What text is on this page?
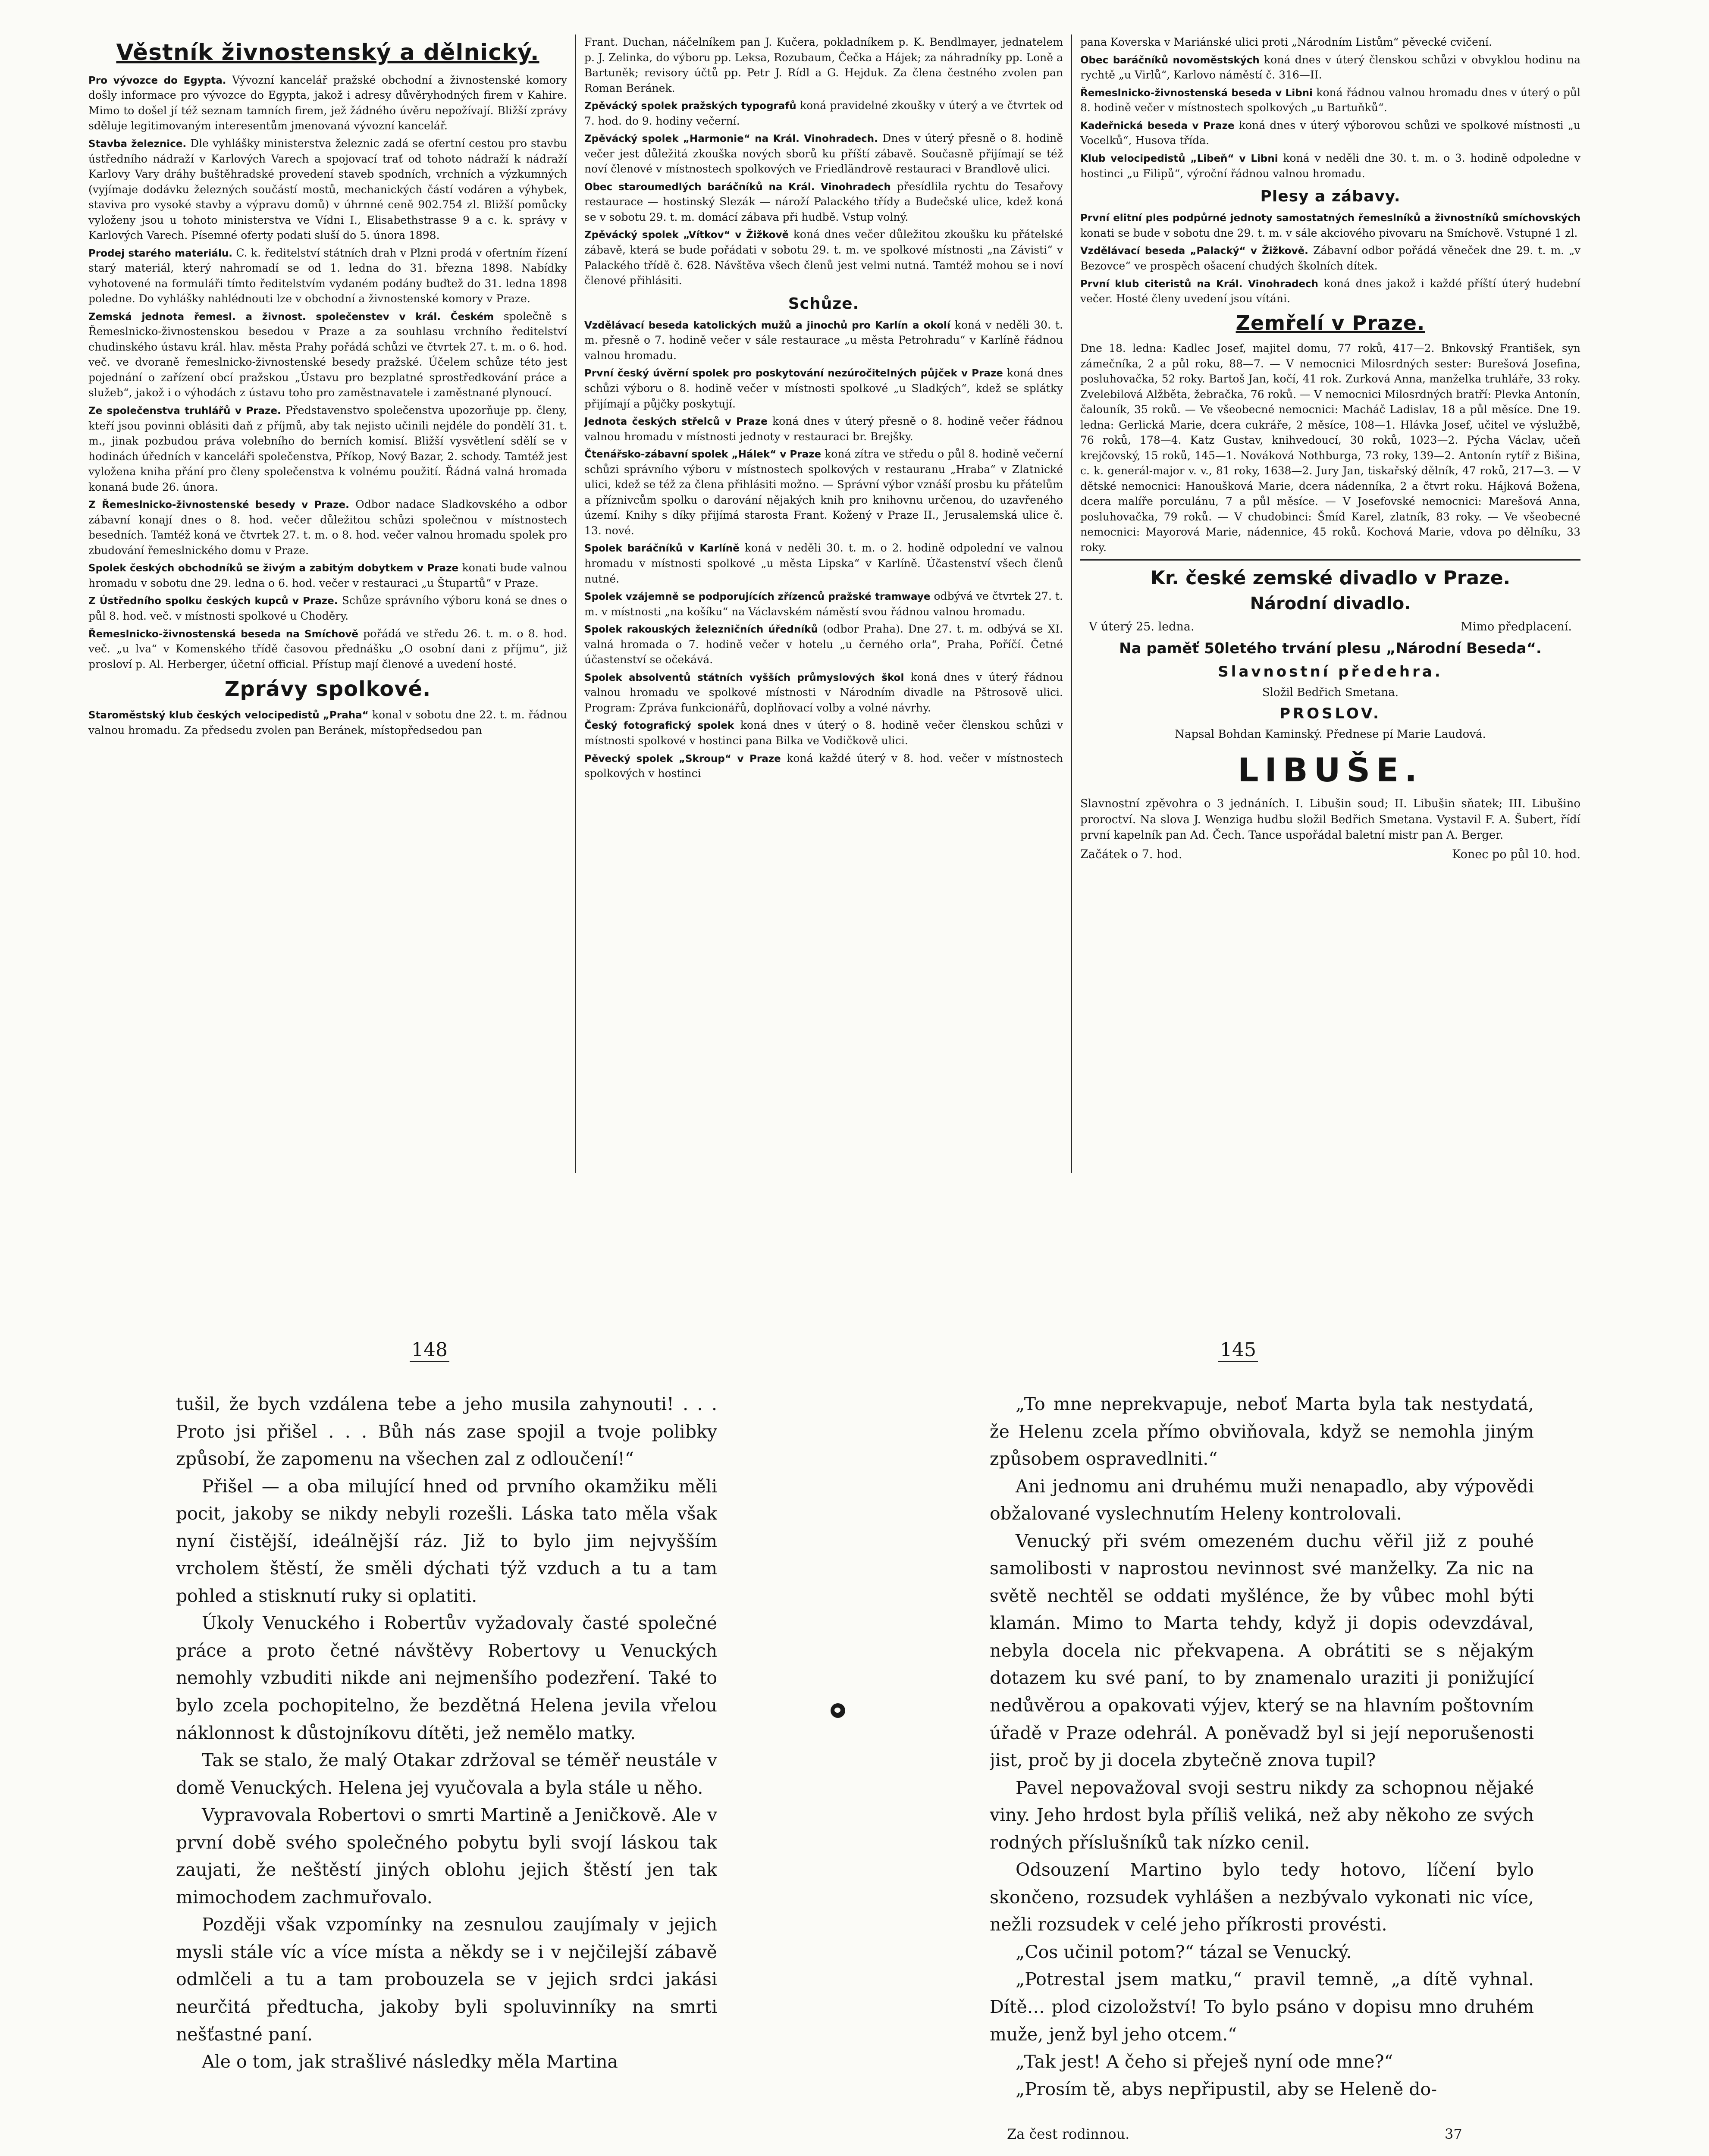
Věstník živnostenský a dělnický.

Pro vývozce do Egypta. Vývozní kancelář pražské obchodní a živnostenské komory došly informace pro vývozce do Egypta, jakož i adresy důvěryhodných firem v Kahire. Mimo to došel jí též seznam tamních firem, jež žádného úvěru nepožívají. Bližší zprávy sděluje legitimovaným interesentům jmenovaná vývozní kancelář.

Stavba železnice. Dle vyhlášky ministerstva železnic zadá se ofertní cestou pro stavbu ústředního nádraží v Karlových Varech a spojovací trať od tohoto nádraží k nádraží Karlovy Vary dráhy buštěhradské provedení staveb spodních, vrchních a výzkumných (vyjímaje dodávku železných součástí mostů, mechanických částí vodáren a výhybek, staviva pro vysoké stavby a výpravu domů) v úhrnné ceně 902.754 zl. Bližší pomůcky vyloženy jsou u tohoto ministerstva ve Vídni I., Elisabethstrasse 9 a c. k. správy v Karlových Varech. Písemné oferty podati sluší do 5. února 1898.

Prodej starého materiálu. C. k. ředitelství státních drah v Plzni prodá v ofertním řízení starý materiál, který nahromadí se od 1. ledna do 31. března 1898. Nabídky vyhotovené na formuláři tímto ředitelstvím vydaném podány buďtež do 31. ledna 1898 poledne. Do vyhlášky nahlédnouti lze v obchodní a živnostenské komory v Praze.

Zemská jednota řemesl. a živnost. společenstev v král. Českém společně s Řemeslnicko-živnostenskou besedou v Praze a za souhlasu vrchního ředitelství chudinského ústavu král. hlav. města Prahy pořádá schůzi ve čtvrtek 27. t. m. o 6. hod. več. ve dvoraně řemeslnicko-živnostenské besedy pražské. Účelem schůze této jest pojednání o zařízení obcí pražskou „Ústavu pro bezplatné sprostředkování práce a služeb“, jakož i o výhodách z ústavu toho pro zaměstnavatele i zaměstnané plynoucí.

Ze společenstva truhlářů v Praze. Představenstvo společenstva upozorňuje pp. členy, kteří jsou povinni oblásiti daň z příjmů, aby tak nejisto učinili nejdéle do pondělí 31. t. m., jinak pozbudou práva volebního do berních komisí. Bližší vysvětlení sdělí se v hodinách úředních v kanceláři společenstva, Příkop, Nový Bazar, 2. schody. Tamtéž jest vyložena kniha přání pro členy společenstva k volnému použití. Řádná valná hromada konaná bude 26. února.

Z Řemeslnicko-živnostenské besedy v Praze. Odbor nadace Sladkovského a odbor zábavní konají dnes o 8. hod. večer důležitou schůzi společnou v místnostech besedních. Tamtéž koná ve čtvrtek 27. t. m. o 8. hod. večer valnou hromadu spolek pro zbudování řemeslnického domu v Praze.

Spolek českých obchodníků se živým a zabitým dobytkem v Praze konati bude valnou hromadu v sobotu dne 29. ledna o 6. hod. večer v restauraci „u Štupartů“ v Praze.

Z Ústředního spolku českých kupců v Praze. Schůze správního výboru koná se dnes o půl 8. hod. več. v místnosti spolkové u Choděry.

Řemeslnicko-živnostenská beseda na Smíchově pořádá ve středu 26. t. m. o 8. hod. več. „u lva“ v Komenského třídě časovou přednášku „O osobní dani z příjmu“, již prosloví p. Al. Herberger, účetní official. Přístup mají členové a uvedení hosté.

Zprávy spolkové.

Staroměstský klub českých velocipedistů „Praha“ konal v sobotu dne 22. t. m. řádnou valnou hromadu. Za předsedu zvolen pan Beránek, místopředsedou pan

Frant. Duchan, náčelníkem pan J. Kučera, pokladníkem p. K. Bendlmayer, jednatelem p. J. Zelinka, do výboru pp. Leksa, Rozubaum, Čečka a Hájek; za náhradníky pp. Loně a Bartuněk; revisory účtů pp. Petr J. Rídl a G. Hejduk. Za člena čestného zvolen pan Roman Beránek.

Zpěvácký spolek pražských typografů koná pravidelné zkoušky v úterý a ve čtvrtek od 7. hod. do 9. hodiny večerní.

Zpěvácký spolek „Harmonie“ na Král. Vinohradech. Dnes v úterý přesně o 8. hodině večer jest důležitá zkouška nových sborů ku příští zábavě. Současně přijímají se též noví členové v místnostech spolkových ve Friedländrově restauraci v Brandlově ulici.

Obec staroumedlých baráčníků na Král. Vinohradech přesídlila rychtu do Tesařovy restaurace — hostinský Slezák — nároží Palackého třídy a Budečské ulice, kdež koná se v sobotu 29. t. m. domácí zábava při hudbě. Vstup volný.

Zpěvácký spolek „Vítkov“ v Žižkově koná dnes večer důležitou zkoušku ku přátelské zábavě, která se bude pořádati v sobotu 29. t. m. ve spolkové místnosti „na Závisti“ v Palackého třídě č. 628. Návštěva všech členů jest velmi nutná. Tamtéž mohou se i noví členové přihlásiti.

Schůze.

Vzdělávací beseda katolických mužů a jinochů pro Karlín a okolí koná v neděli 30. t. m. přesně o 7. hodině večer v sále restaurace „u města Petrohradu“ v Karlíně řádnou valnou hromadu.

První český úvěrní spolek pro poskytování nezúročitelných půjček v Praze koná dnes schůzi výboru o 8. hodině večer v místnosti spolkové „u Sladkých“, kdež se splátky přijímají a půjčky poskytují.

Jednota českých střelců v Praze koná dnes v úterý přesně o 8. hodině večer řádnou valnou hromadu v místnosti jednoty v restauraci br. Brejšky.

Čtenářsko-zábavní spolek „Hálek“ v Praze koná zítra ve středu o půl 8. hodině večerní schůzi správního výboru v místnostech spolkových v restauranu „Hraba“ v Zlatnické ulici, kdež se též za člena přihlásiti možno. — Správní výbor vznáší prosbu ku přátelům a příznivcům spolku o darování nějakých knih pro knihovnu určenou, do uzavřeného území. Knihy s díky přijímá starosta Frant. Kožený v Praze II., Jerusalemská ulice č. 13. nové.

Spolek baráčníků v Karlíně koná v neděli 30. t. m. o 2. hodině odpolední ve valnou hromadu v místnosti spolkové „u města Lipska“ v Karlíně. Účastenství všech členů nutné.

Spolek vzájemně se podporujících zřízenců pražské tramwaye odbývá ve čtvrtek 27. t. m. v místnosti „na košíku“ na Václavském náměstí svou řádnou valnou hromadu.

Spolek rakouských železničních úředníků (odbor Praha). Dne 27. t. m. odbývá se XI. valná hromada o 7. hodině večer v hotelu „u černého orla“, Praha, Poříčí. Četné účastenství se očekává.

Spolek absolventů státních vyšších průmyslových škol koná dnes v úterý řádnou valnou hromadu ve spolkové místnosti v Národním divadle na Pštrosově ulici. Program: Zpráva funkcionářů, doplňovací volby a volné návrhy.

Český fotografický spolek koná dnes v úterý o 8. hodině večer členskou schůzi v místnosti spolkové v hostinci pana Bilka ve Vodičkově ulici.

Pěvecký spolek „Skroup“ v Praze koná každé úterý v 8. hod. večer v místnostech spolkových v hostinci

pana Koverska v Mariánské ulici proti „Národním Listům“ pěvecké cvičení.

Obec baráčníků novoměstských koná dnes v úterý členskou schůzi v obvyklou hodinu na rychtě „u Virlů“, Karlovo náměstí č. 316—II.

Řemeslnicko-živnostenská beseda v Libni koná řádnou valnou hromadu dnes v úterý o půl 8. hodině večer v místnostech spolkových „u Bartuňků“.

Kadeřnická beseda v Praze koná dnes v úterý výborovou schůzi ve spolkové místnosti „u Vocelků“, Husova třída.

Klub velocipedistů „Libeň“ v Libni koná v neděli dne 30. t. m. o 3. hodině odpoledne v hostinci „u Filipů“, výroční řádnou valnou hromadu.

Plesy a zábavy.

První elitní ples podpůrné jednoty samostatných řemeslníků a živnostníků smíchovských konati se bude v sobotu dne 29. t. m. v sále akciového pivovaru na Smíchově. Vstupné 1 zl.

Vzdělávací beseda „Palacký“ v Žižkově. Zábavní odbor pořádá věneček dne 29. t. m. „v Bezovce“ ve prospěch ošacení chudých školních dítek.

První klub citeristů na Král. Vinohradech koná dnes jakož i každé příští úterý hudební večer. Hosté členy uvedení jsou vítáni.

Zemřelí v Praze.

Dne 18. ledna: Kadlec Josef, majitel domu, 77 roků, 417—2. Bnkovský František, syn zámečníka, 2 a půl roku, 88—7. — V nemocnici Milosrdných sester: Burešová Josefina, posluhovačka, 52 roky. Bartoš Jan, kočí, 41 rok. Zurková Anna, manželka truhláře, 33 roky. Zvelebilová Alžběta, žebračka, 76 roků. — V nemocnici Milosrdných bratří: Plevka Antonín, čalouník, 35 roků. — Ve všeobecné nemocnici: Macháč Ladislav, 18 a půl měsíce. Dne 19. ledna: Gerlická Marie, dcera cukráře, 2 měsíce, 108—1. Hlávka Josef, učitel ve výslužbě, 76 roků, 178—4. Katz Gustav, knihvedoucí, 30 roků, 1023—2. Pýcha Václav, učeň krejčovský, 15 roků, 145—1. Nováková Nothburga, 73 roky, 139—2. Antonín rytíř z Bišina, c. k. generál-major v. v., 81 roky, 1638—2. Jury Jan, tiskařský dělník, 47 roků, 217—3. — V dětské nemocnici: Hanoušková Marie, dcera nádenníka, 2 a čtvrt roku. Hájková Božena, dcera malíře porculánu, 7 a půl měsíce. — V Josefovské nemocnici: Marešová Anna, posluhovačka, 79 roků. — V chudobinci: Šmíd Karel, zlatník, 83 roky. — Ve všeobecné nemocnici: Mayorová Marie, nádennice, 45 roků. Kochová Marie, vdova po dělníku, 33 roky.

Kr. české zemské divadlo v Praze.
Národní divadlo.
V úterý 25. ledna.	Mimo předplacení.
Na paměť 50letého trvání plesu „Národní Beseda“.
Slavnostní předehra.
Složil Bedřich Smetana.
PROSLOV.
Napsal Bohdan Kaminský. Přednese pí Marie Laudová.
LIBUŠE.
Slavnostní zpěvohra o 3 jednáních. I. Libušin soud; II. Libušin sňatek; III. Libušino proroctví. Na slova J. Wenziga hudbu složil Bedřich Smetana. Vystavil F. A. Šubert, řídí první kapelník pan Ad. Čech. Tance uspořádal baletní mistr pan A. Berger.
Začátek o 7. hod.	Konec po půl 10. hod.
148	145

tušil, že bych vzdálena tebe a jeho musila zahynouti! . . . Proto jsi přišel . . . Bůh nás zase spojil a tvoje polibky způsobí, že zapomenu na všechen zal z odloučení!“

Přišel — a oba milující hned od prvního okamžiku měli pocit, jakoby se nikdy nebyli rozešli. Láska tato měla však nyní čistější, ideálnější ráz. Již to bylo jim nejvyšším vrcholem štěstí, že směli dýchati týž vzduch a tu a tam pohled a stisknutí ruky si oplatiti.

Úkoly Venuckého i Robertův vyžadovaly časté společné práce a proto četné návštěvy Robertovy u Venuckých nemohly vzbuditi nikde ani nejmenšího podezření. Také to bylo zcela pochopitelno, že bezdětná Helena jevila vřelou náklonnost k důstojníkovu dítěti, jež nemělo matky.

Tak se stalo, že malý Otakar zdržoval se téměř neustále v domě Venuckých. Helena jej vyučovala a byla stále u něho.

Vypravovala Robertovi o smrti Martině a Jeničkově. Ale v první době svého společného pobytu byli svojí láskou tak zaujati, že neštěstí jiných oblohu jejich štěstí jen tak mimochodem zachmuřovalo.

Později však vzpomínky na zesnulou zaujímaly v jejich mysli stále víc a více místa a někdy se i v nejčilejší zábavě odmlčeli a tu a tam probouzela se v jejich srdci jakási neurčitá předtucha, jakoby byli spoluvinníky na smrti nešťastné paní.

Ale o tom, jak strašlivé následky měla Martina

„To mne neprekvapuje, neboť Marta byla tak nestydatá, že Helenu zcela přímo obviňovala, když se nemohla jiným způsobem ospravedlniti.“

Ani jednomu ani druhému muži nenapadlo, aby výpovědi obžalované vyslechnutím Heleny kontrolovali.

Venucký při svém omezeném duchu věřil již z pouhé samolibosti v naprostou nevinnost své manželky. Za nic na světě nechtěl se oddati myšlénce, že by vůbec mohl býti klamán. Mimo to Marta tehdy, když ji dopis odevzdával, nebyla docela nic překvapena. A obrátiti se s nějakým dotazem ku své paní, to by znamenalo uraziti ji ponižující nedůvěrou a opakovati výjev, který se na hlavním poštovním úřadě v Praze odehrál. A poněvadž byl si její neporušenosti jist, proč by ji docela zbytečně znova tupil?

Pavel nepovažoval svoji sestru nikdy za schopnou nějaké viny. Jeho hrdost byla příliš veliká, než aby někoho ze svých rodných příslušníků tak nízko cenil.

Odsouzení Martino bylo tedy hotovo, líčení bylo skončeno, rozsudek vyhlášen a nezbývalo vykonati nic více, nežli rozsudek v celé jeho příkrosti provésti.

„Cos učinil potom?“ tázal se Venucký.

„Potrestal jsem matku,“ pravil temně, „a dítě vyhnal. Dítě… plod cizoložství! To bylo psáno v dopisu mno druhém muže, jenž byl jeho otcem.“

„Tak jest! A čeho si přeješ nyní ode mne?“

„Prosím tě, abys nepřipustil, aby se Heleně do-

Za čest rodinnou.	37
